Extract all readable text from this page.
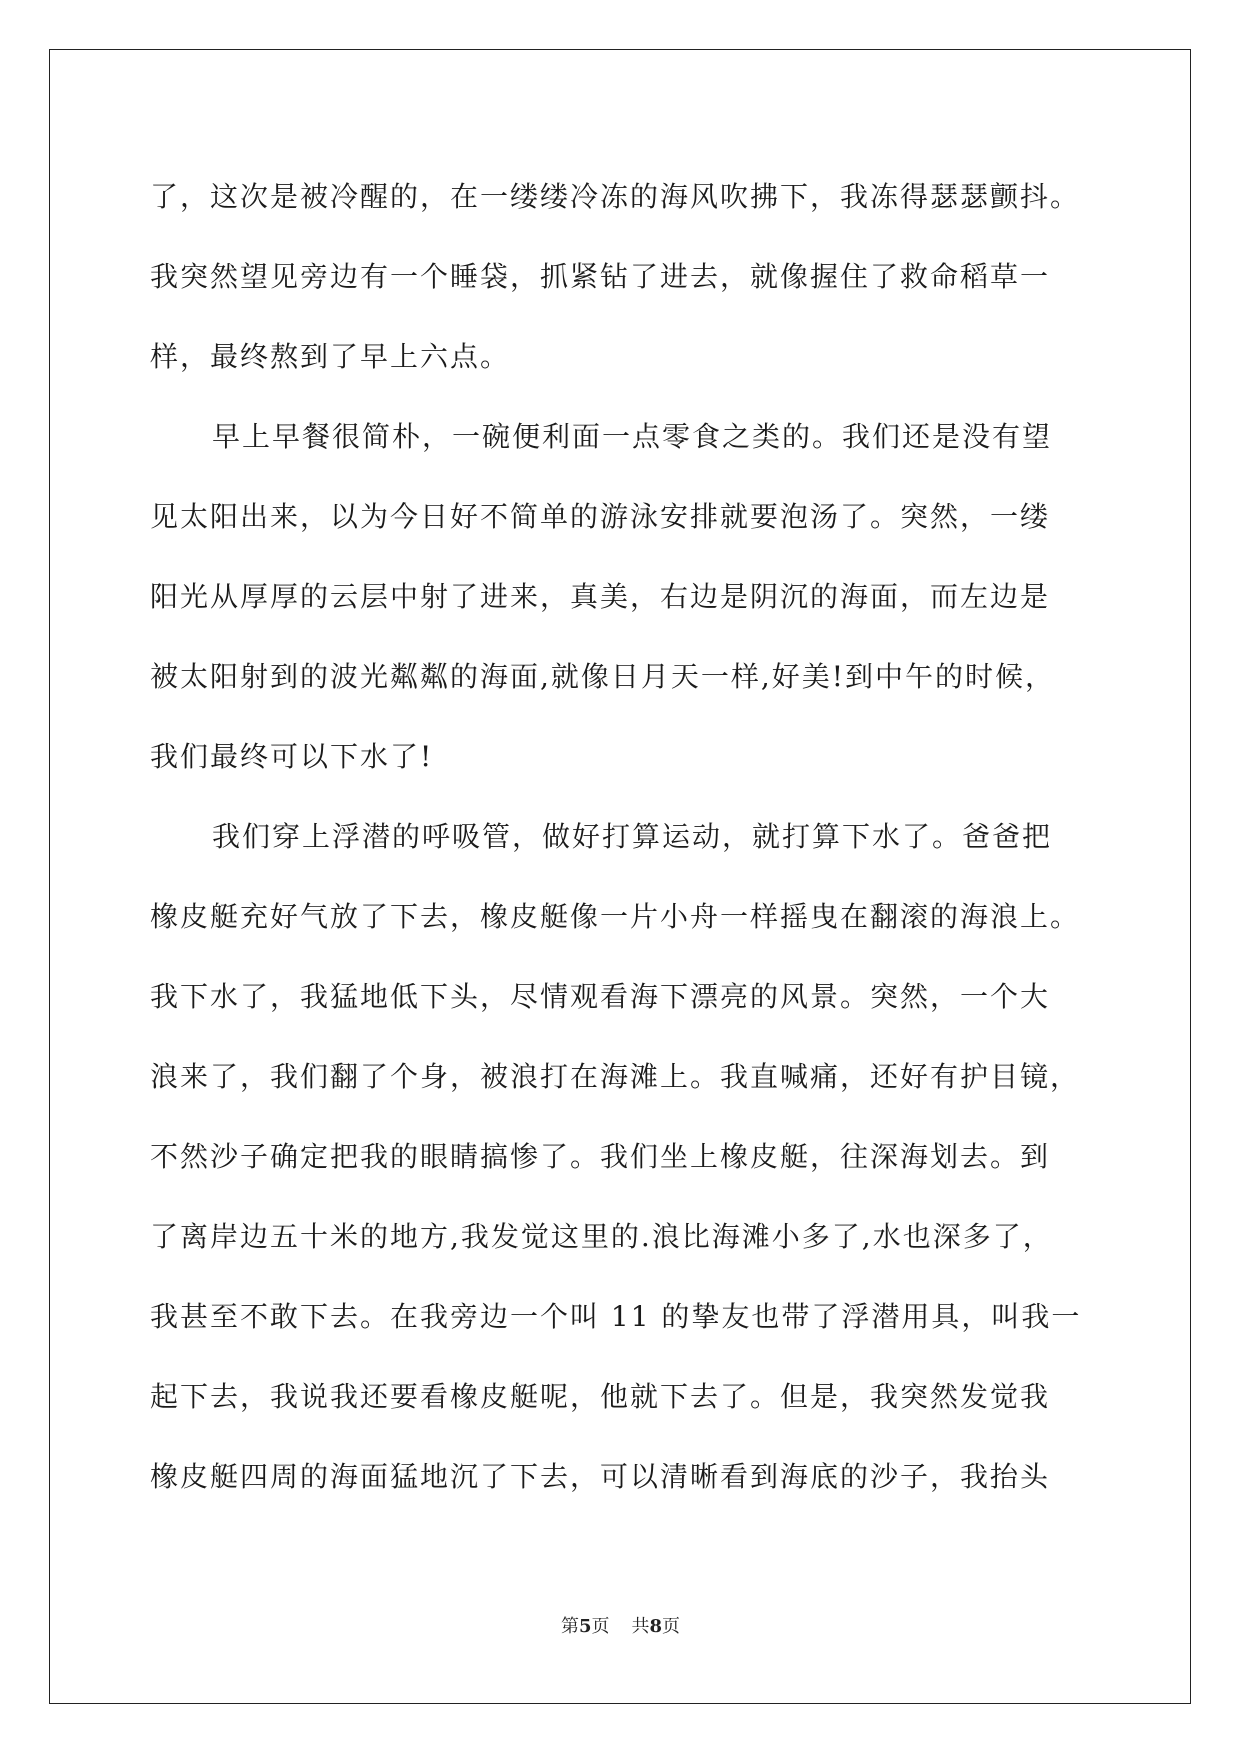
了，这次是被冷醒的，在一缕缕冷冻的海风吹拂下，我冻得瑟瑟颤抖。
我突然望见旁边有一个睡袋，抓紧钻了进去，就像握住了救命稻草一
样，最终熬到了早上六点。
早上早餐很简朴，一碗便利面一点零食之类的。我们还是没有望
见太阳出来，以为今日好不简单的游泳安排就要泡汤了。突然，一缕
阳光从厚厚的云层中射了进来，真美，右边是阴沉的海面，而左边是
被太阳射到的波光粼粼的海面,就像日月天一样,好美!到中午的时候，
我们最终可以下水了!
我们穿上浮潜的呼吸管，做好打算运动，就打算下水了。爸爸把
橡皮艇充好气放了下去，橡皮艇像一片小舟一样摇曳在翻滚的海浪上。
我下水了，我猛地低下头，尽情观看海下漂亮的风景。突然，一个大
浪来了，我们翻了个身，被浪打在海滩上。我直喊痛，还好有护目镜，
不然沙子确定把我的眼睛搞惨了。我们坐上橡皮艇，往深海划去。到
了离岸边五十米的地方,我发觉这里的.浪比海滩小多了,水也深多了，
我甚至不敢下去。在我旁边一个叫 11 的挚友也带了浮潜用具，叫我一
起下去，我说我还要看橡皮艇呢，他就下去了。但是，我突然发觉我
橡皮艇四周的海面猛地沉了下去，可以清晰看到海底的沙子，我抬头
第5页 共8页
